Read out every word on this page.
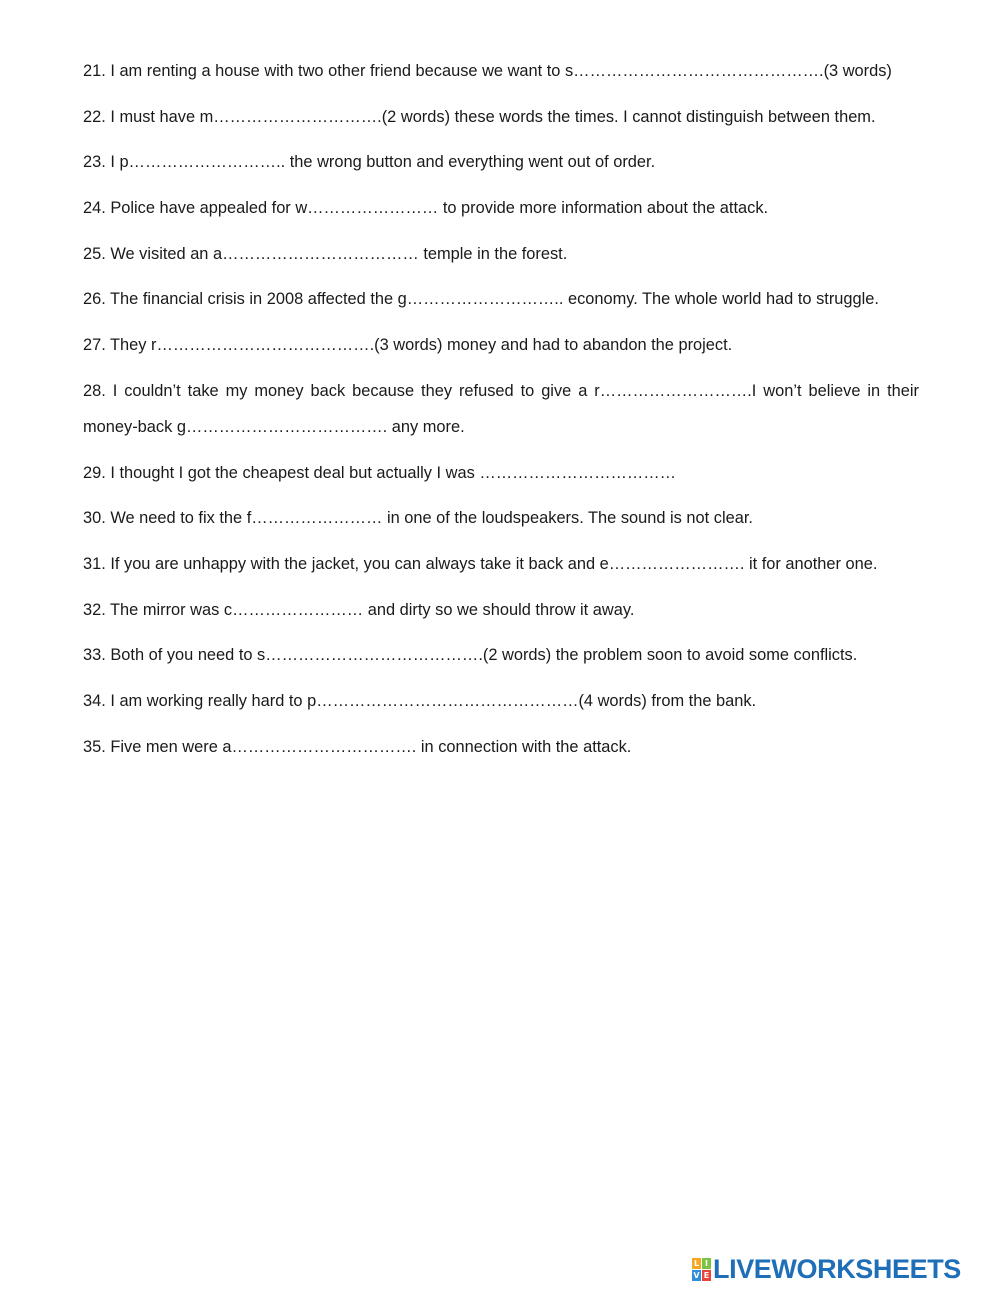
21. I am renting a house with two other friend because we want to s……………………………………….(3 words)

22. I must have m………………………….(2 words) these words the times. I cannot distinguish between them.

23. I p……………………….. the wrong button and everything went out of order.

24. Police have appealed for w…………………… to provide more information about the attack.

25. We visited an a……………………………… temple in the forest.

26. The financial crisis in 2008 affected the g……………………….. economy. The whole world had to struggle.

27. They r………………………………….(3 words) money and had to abandon the project.

28. I couldn’t take my money back because they refused to give a r……………………….I won’t believe in their money-back g………………………………. any more.

29. I thought I got the cheapest deal but actually I was ………………………………

30. We need to fix the f…………………… in one of the loudspeakers. The sound is not clear.

31. If you are unhappy with the jacket, you can always take it back and e……………………. it for another one.

32. The mirror was c…………………… and dirty so we should throw it away.

33. Both of you need to s………………………………….(2 words) the problem soon to avoid some conflicts.

34. I am working really hard to p…………………………………………(4 words) from the bank.

35. Five men were a……………………………. in connection with the attack.

L I
V E LIVEWORKSHEETS
